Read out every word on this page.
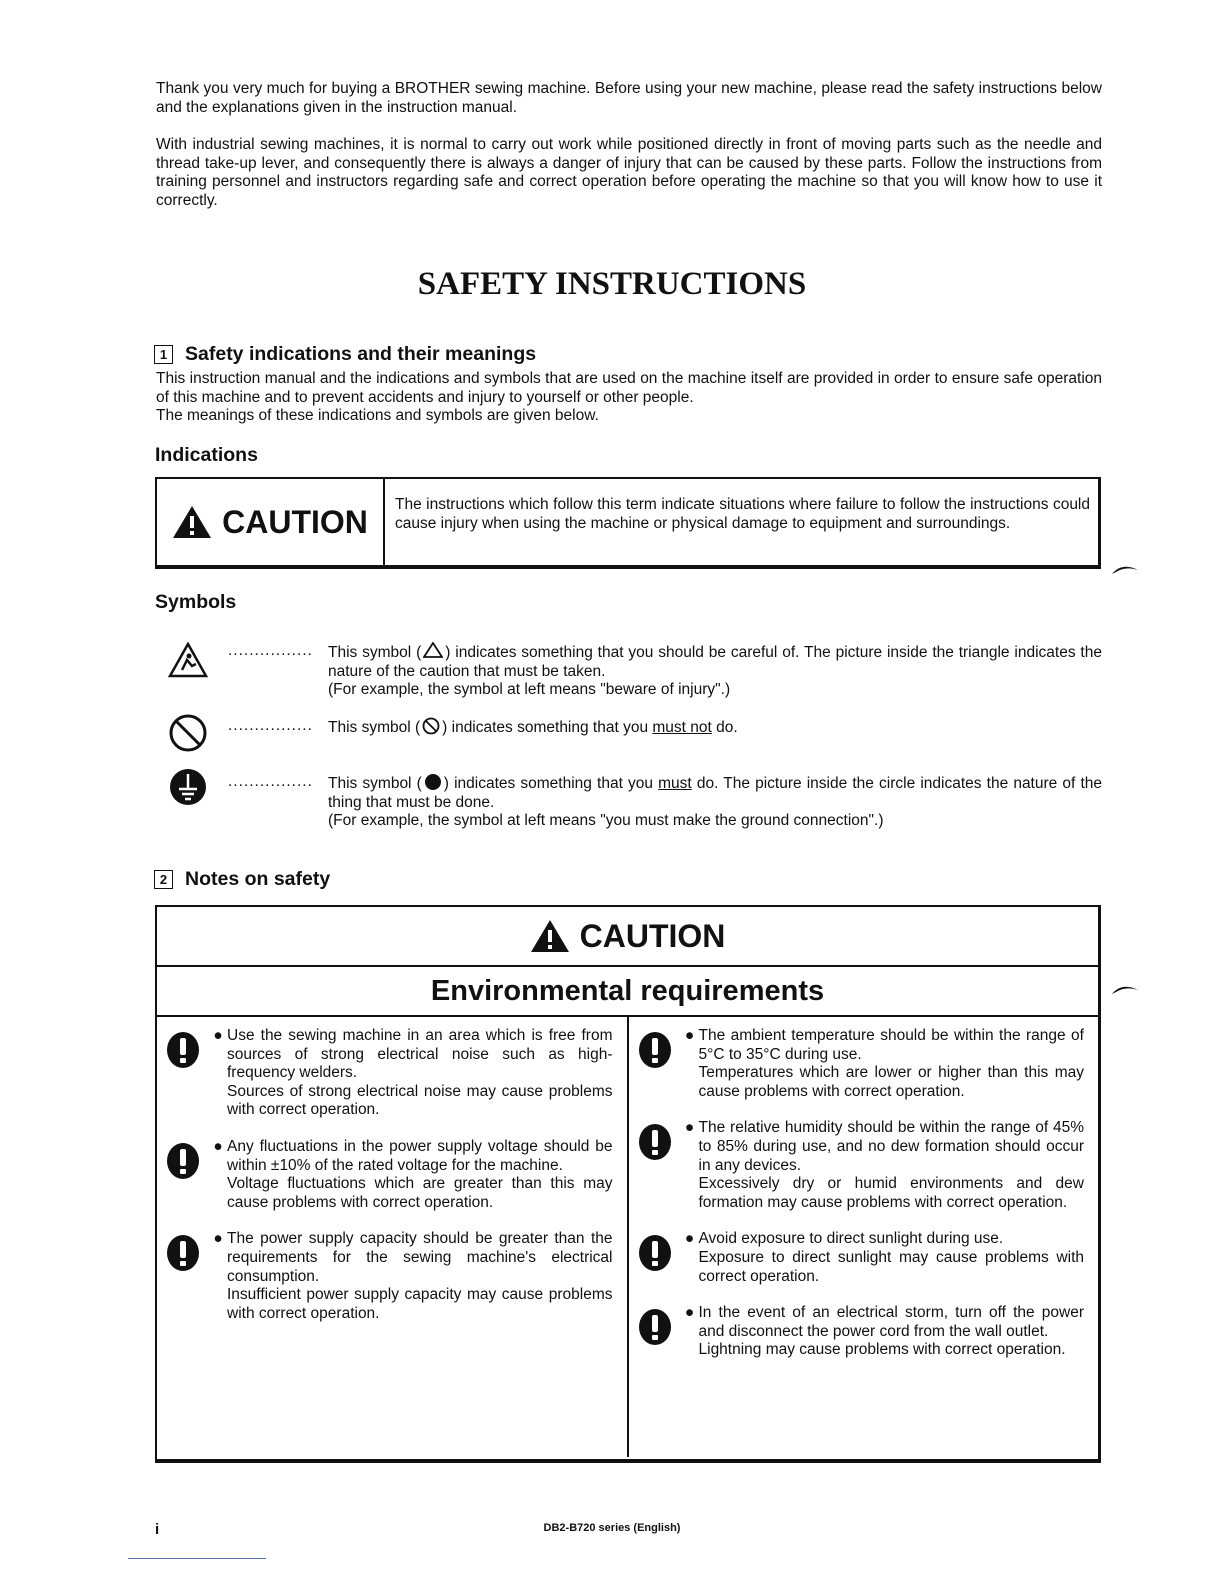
Thank you very much for buying a BROTHER sewing machine. Before using your new machine, please read the safety instructions below and the explanations given in the instruction manual.

With industrial sewing machines, it is normal to carry out work while positioned directly in front of moving parts such as the needle and thread take-up lever, and consequently there is always a danger of injury that can be caused by these parts. Follow the instructions from training personnel and instructors regarding safe and correct operation before operating the machine so that you will know how to use it correctly.

SAFETY INSTRUCTIONS
1 Safety indications and their meanings

This instruction manual and the indications and symbols that are used on the machine itself are provided in order to ensure safe operation of this machine and to prevent accidents and injury to yourself or other people.
The meanings of these indications and symbols are given below.

Indications
CAUTION	The instructions which follow this term indicate situations where failure to follow the instructions could cause injury when using the machine or physical damage to equipment and surroundings.
Symbols
................ This symbol ( ) indicates something that you should be careful of. The picture inside the triangle indicates the nature of the caution that must be taken.
(For example, the symbol at left means "beware of injury".)
................ This symbol ( ) indicates something that you must not do.
................ This symbol ( ) indicates something that you must do. The picture inside the circle indicates the nature of the thing that must be done.
(For example, the symbol at left means "you must make the ground connection".)
2 Notes on safety
CAUTION
Environmental requirements
● Use the sewing machine in an area which is free from sources of strong electrical noise such as high-frequency welders.
Sources of strong electrical noise may cause problems with correct operation.
● Any fluctuations in the power supply voltage should be within ±10% of the rated voltage for the machine.
Voltage fluctuations which are greater than this may cause problems with correct operation.
● The power supply capacity should be greater than the requirements for the sewing machine's electrical consumption.
Insufficient power supply capacity may cause problems with correct operation.
● The ambient temperature should be within the range of 5°C to 35°C during use.
Temperatures which are lower or higher than this may cause problems with correct operation.
● The relative humidity should be within the range of 45% to 85% during use, and no dew formation should occur in any devices.
Excessively dry or humid environments and dew formation may cause problems with correct operation.
● Avoid exposure to direct sunlight during use.
Exposure to direct sunlight may cause problems with correct operation.
● In the event of an electrical storm, turn off the power and disconnect the power cord from the wall outlet.
Lightning may cause problems with correct operation.
i	DB2-B720 series (English)
